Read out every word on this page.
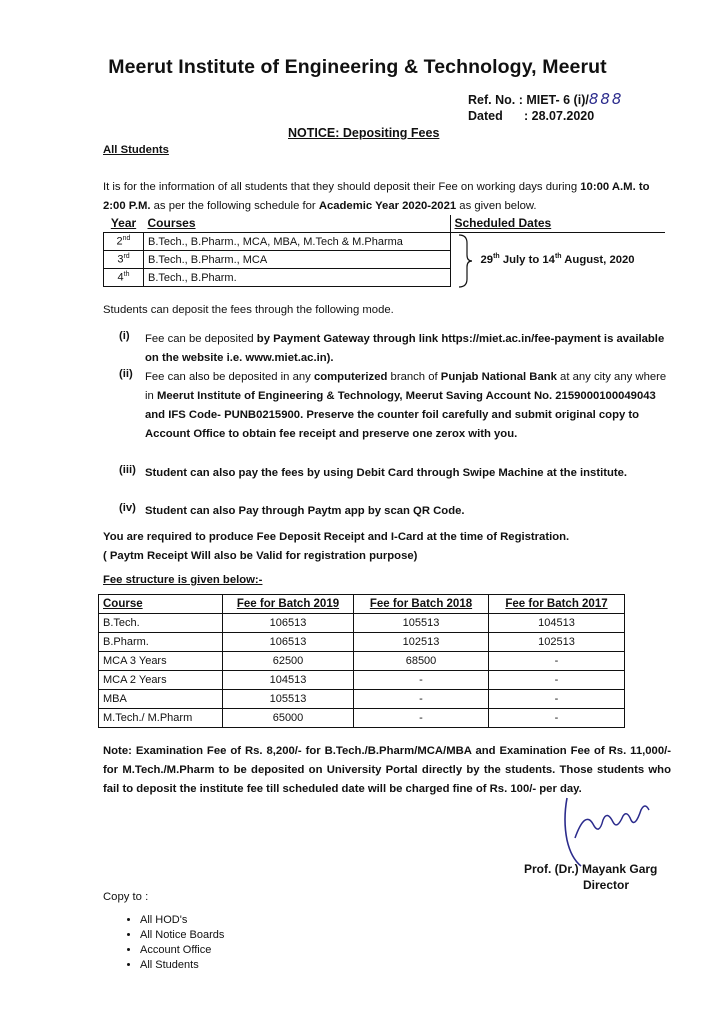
Meerut Institute of Engineering & Technology, Meerut
Ref. No. : MIET- 6 (i)/888
Dated : 28.07.2020
NOTICE: Depositing Fees
All Students
It is for the information of all students that they should deposit their Fee on working days during 10:00 A.M. to 2:00 P.M. as per the following schedule for Academic Year 2020-2021 as given below.
Year	Courses	Scheduled Dates
2nd	B.Tech., B.Pharm., MCA, MBA, M.Tech & M.Pharma	29th July to 14th August, 2020

3rd	B.Tech., B.Pharm., MCA	
4th	B.Tech., B.Pharm.	
Students can deposit the fees through the following mode.
(i) Fee can be deposited by Payment Gateway through link https://miet.ac.in/fee-payment is available on the website i.e. www.miet.ac.in).
(ii) Fee can also be deposited in any computerized branch of Punjab National Bank at any city any where in Meerut Institute of Engineering & Technology, Meerut Saving Account No. 2159000100049043 and IFS Code- PUNB0215900. Preserve the counter foil carefully and submit original copy to Account Office to obtain fee receipt and preserve one zerox with you.
(iii) Student can also pay the fees by using Debit Card through Swipe Machine at the institute.
(iv) Student can also Pay through Paytm app by scan QR Code.
You are required to produce Fee Deposit Receipt and I-Card at the time of Registration.
( Paytm Receipt Will also be Valid for registration purpose)
Fee structure is given below:-
Course	Fee for Batch 2019	Fee for Batch 2018	Fee for Batch 2017
B.Tech.	106513	105513	104513
B.Pharm.	106513	102513	102513
MCA 3 Years	62500	68500	-
MCA 2 Years	104513	-	-
MBA	105513	-	-
M.Tech./ M.Pharm	65000	-	-
Note: Examination Fee of Rs. 8,200/- for B.Tech./B.Pharm/MCA/MBA and Examination Fee of Rs. 11,000/- for M.Tech./M.Pharm to be deposited on University Portal directly by the students. Those students who fail to deposit the institute fee till scheduled date will be charged fine of Rs. 100/- per day.
Prof. (Dr.) Mayank Garg
Director
Copy to :
• All HOD's
• All Notice Boards
• Account Office
• All Students
